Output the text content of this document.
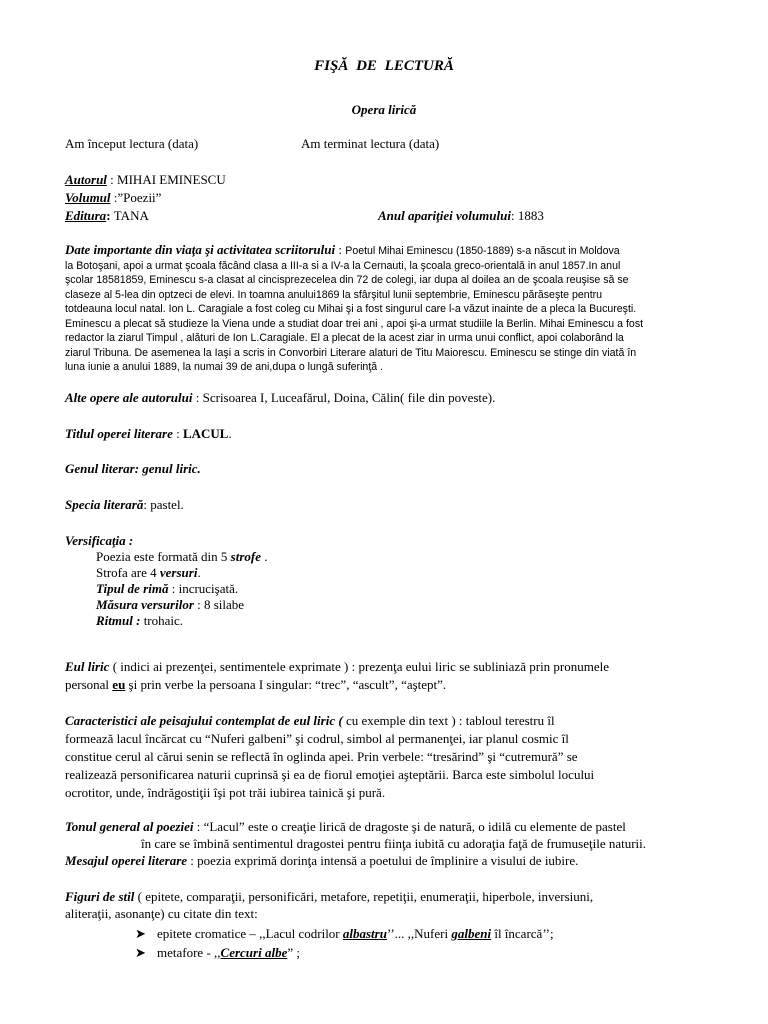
FIŞĂ DE LECTURĂ
Opera lirică
Am început lectura (data)	Am terminat lectura (data)
Autorul : MIHAI EMINESCU
Volumul :”Poezii”
Editura: TANA	Anul apariţiei volumului: 1883
Date importante din viaţa şi activitatea scriitorului : Poetul Mihai Eminescu (1850-1889) s-a născut in Moldova
la Botoşani, apoi a urmat şcoala făcând clasa a III-a si a IV-a la Cernauti, la şcoala greco-orientală in anul 1857.In anul
şcolar 18581859, Eminescu s-a clasat al cincisprezecelea din 72 de colegi, iar dupa al doilea an de şcoala reuşise să se
claseze al 5-lea din optzeci de elevi. In toamna anului1869 la sfârşitul lunii septembrie, Eminescu părăseşte pentru
totdeauna locul natal. Ion L. Caragiale a fost coleg cu Mihai şi a fost singurul care l-a văzut inainte de a pleca la Bucureşti.
Eminescu a plecat să studieze la Viena unde a studiat doar trei ani , apoi şi-a urmat studiile la Berlin. Mihai Eminescu a fost
redactor la ziarul Timpul , alături de Ion L.Caragiale. El a plecat de la acest ziar in urma unui conflict, apoi colaborând la
ziarul Tribuna. De asemenea la Iaşi a scris in Convorbiri Literare alaturi de Titu Maiorescu. Eminescu se stinge din viată în
luna iunie a anului 1889, la numai 39 de ani,dupa o lungă suferinţă .
Alte opere ale autorului : Scrisoarea I, Luceafărul, Doina, Călin( file din poveste).
Titlul operei literare : LACUL.
Genul literar: genul liric.
Specia literară: pastel.
Versificaţia :
Poezia este formată din 5 strofe .
Strofa are 4 versuri.
Tipul de rimă : incrucişată.
Măsura versurilor : 8 silabe
Ritmul : trohaic.
Eul liric ( indici ai prezenţei, sentimentele exprimate ) : prezenţa eului liric se subliniază prin pronumele
personal eu şi prin verbe la persoana I singular: “trec”, “ascult”, “aştept”.
Caracteristici ale peisajului contemplat de eul liric ( cu exemple din text ) : tabloul terestru îl
formează lacul încărcat cu “Nuferi galbeni” şi codrul, simbol al permanenţei, iar planul cosmic îl
constitue cerul al cărui senin se reflectă în oglinda apei. Prin verbele: “tresărind” şi “cutremură” se
realizează personificarea naturii cuprinsă şi ea de fiorul emoţiei aşteptării. Barca este simbolul locului
ocrotitor, unde, îndrăgostiţii îşi pot trăi iubirea tainică şi pură.
Tonul general al poeziei : “Lacul” este o creaţie lirică de dragoste şi de natură, o idilă cu elemente de pastel
în care se îmbină sentimentul dragostei pentru fiinţa iubită cu adoraţia faţă de frumuseţile naturii.
Mesajul operei literare : poezia exprimă dorinţa intensă a poetului de împlinire a visului de iubire.
Figuri de stil ( epitete, comparaţii, personificări, metafore, repetiţii, enumeraţii, hiperbole, inversiuni,
aliteraţii, asonanţe) cu citate din text:
➤ epitete cromatice – ,,Lacul codrilor albastru’’... ,,Nuferi galbeni îl încarcă’’;
➤ metafore - ,,Cercuri albe” ;
